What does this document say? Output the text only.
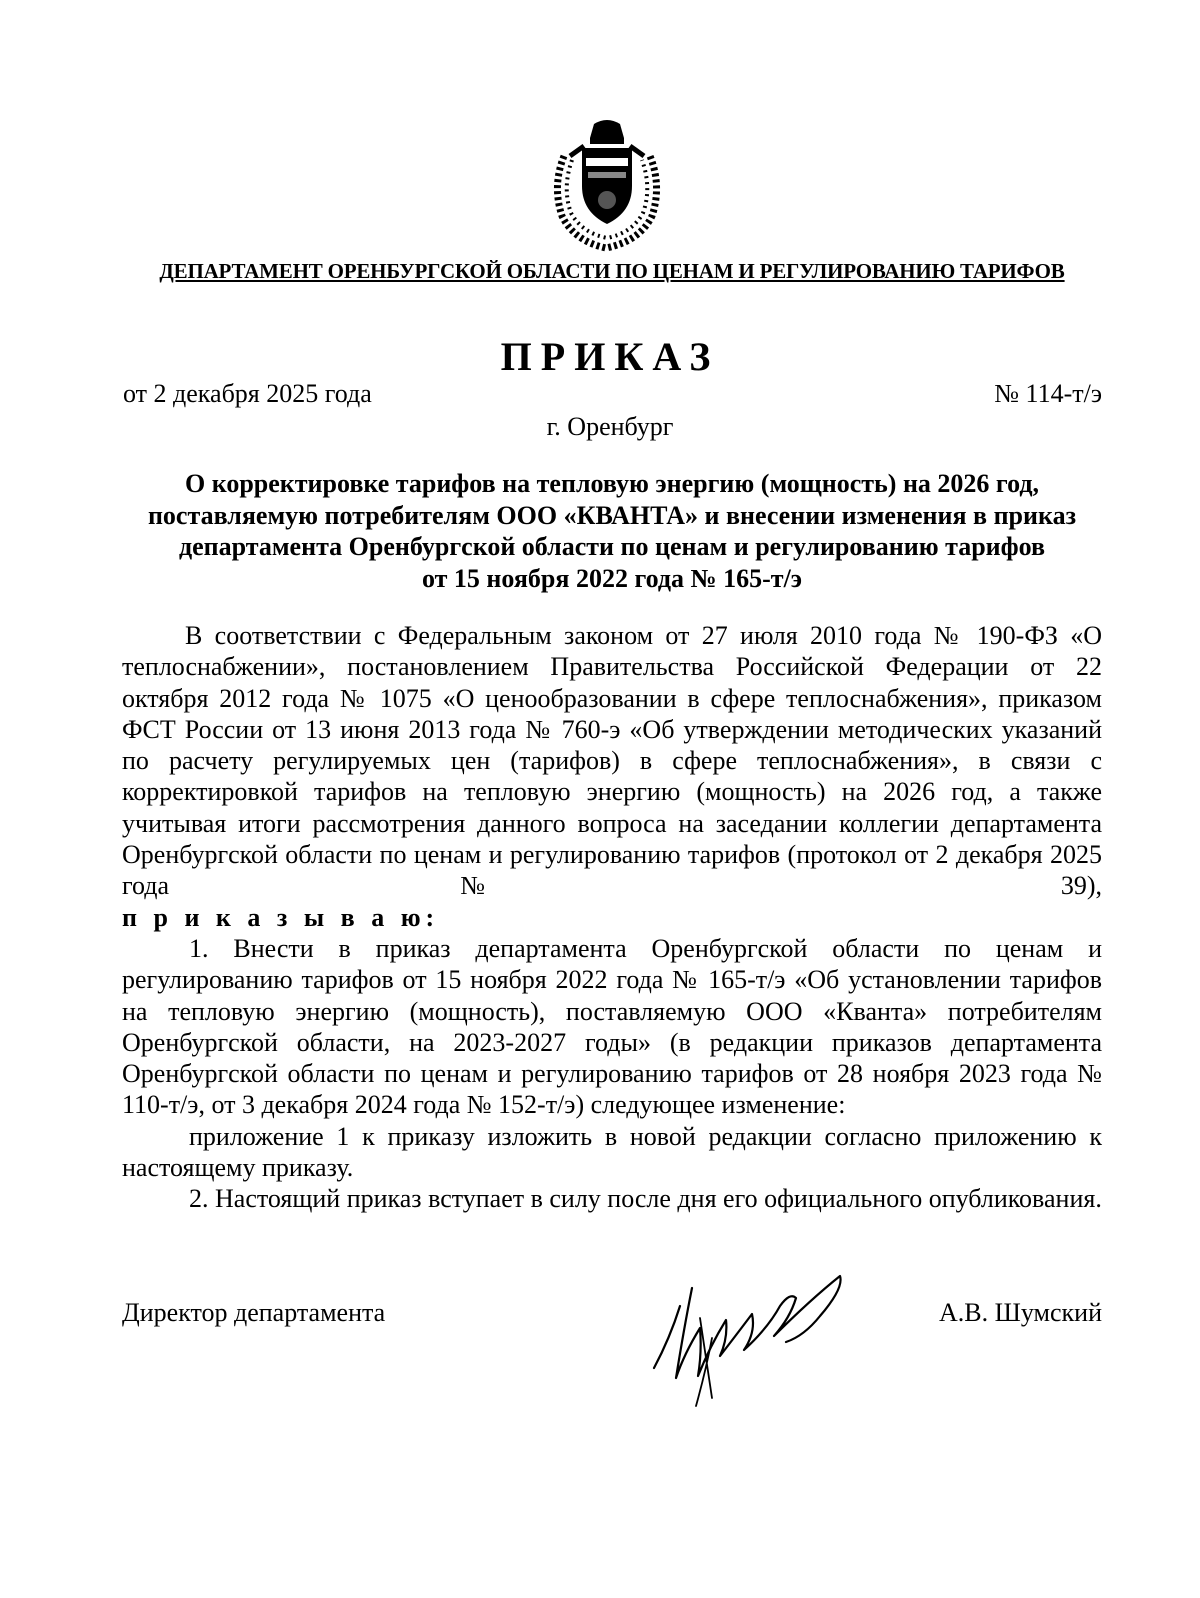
ДЕПАРТАМЕНТ ОРЕНБУРГСКОЙ ОБЛАСТИ ПО ЦЕНАМ И РЕГУЛИРОВАНИЮ ТАРИФОВ
ПРИКАЗ
от 2 декабря 2025 года	№ 114-т/э
г. Оренбург
О корректировке тарифов на тепловую энергию (мощность) на 2026 год,
поставляемую потребителям ООО «КВАНТА» и внесении изменения в приказ
департамента Оренбургской области по ценам и регулированию тарифов
от 15 ноября 2022 года № 165-т/э

В соответствии с Федеральным законом от 27 июля 2010 года № 190-ФЗ «О теплоснабжении», постановлением Правительства Российской Федерации от 22 октября 2012 года № 1075 «О ценообразовании в сфере теплоснабжения», приказом ФСТ России от 13 июня 2013 года № 760-э «Об утверждении методических указаний по расчету регулируемых цен (тарифов) в сфере теплоснабжения», в связи с корректировкой тарифов на тепловую энергию (мощность) на 2026 год, а также учитывая итоги рассмотрения данного вопроса на заседании коллегии департамента Оренбургской области по ценам и регулированию тарифов (протокол от 2 декабря 2025 года № 39),

п р и к а з ы в а ю:

1. Внести в приказ департамента Оренбургской области по ценам и регулированию тарифов от 15 ноября 2022 года № 165-т/э «Об установлении тарифов на тепловую энергию (мощность), поставляемую ООО «Кванта» потребителям Оренбургской области, на 2023-2027 годы» (в редакции приказов департамента Оренбургской области по ценам и регулированию тарифов от 28 ноября 2023 года № 110-т/э, от 3 декабря 2024 года № 152-т/э) следующее изменение:

приложение 1 к приказу изложить в новой редакции согласно приложению к настоящему приказу.

2. Настоящий приказ вступает в силу после дня его официального опубликования.

Директор департамента	А.В. Шумский
